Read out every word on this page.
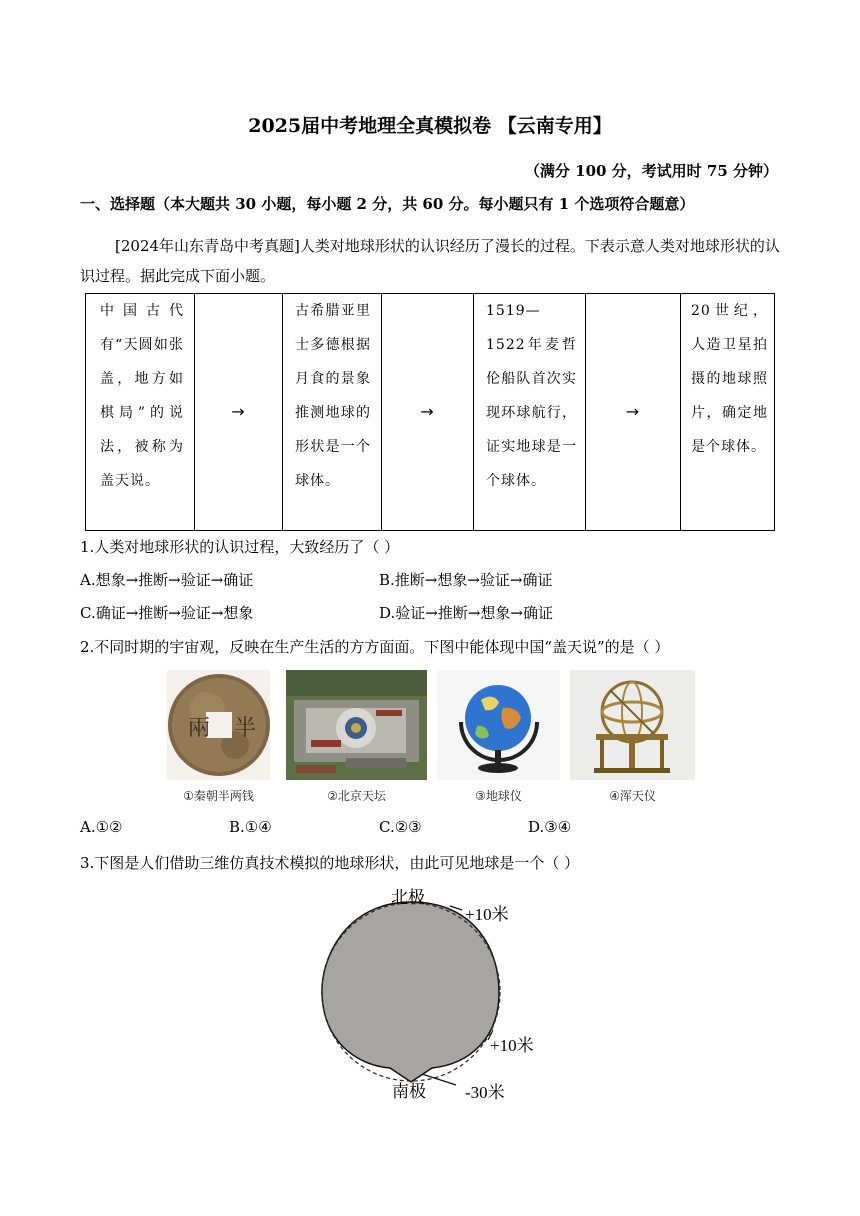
2025届中考地理全真模拟卷 【云南专用】
（满分 100 分，考试用时 75 分钟）
一、选择题（本大题共 30 小题，每小题 2 分，共 60 分。每小题只有 1 个选项符合题意）
[2024年山东青岛中考真题]人类对地球形状的认识经历了漫长的过程。下表示意人类对地球形状的认识过程。据此完成下面小题。
中国古代有“天圆如张盖，地方如棋局”的说法，被称为盖天说。
	→	
古希腊亚里士多德根据月食的景象推测地球的形状是一个球体。
	→	
1519—1522年麦哲伦船队首次实现环球航行，证实地球是一个球体。
	→	
20世纪，人造卫星拍摄的地球照片，确定地是个球体。
1.人类对地球形状的认识过程，大致经历了（ ）
A.想象→推断→验证→确证	B.推断→想象→验证→确证
C.确证→推断→验证→想象	D.验证→推断→想象→确证
2.不同时期的宇宙观，反映在生产生活的方方面面。下图中能体现中国“盖天说”的是（ ）
兩 半
①秦朝半两钱	②北京天坛	③地球仪	④浑天仪
A.①②	B.①④	C.②③	D.③④
3.下图是人们借助三维仿真技术模拟的地球形状，由此可见地球是一个（ ）
北极
+10米
+10米
南极 -30米
